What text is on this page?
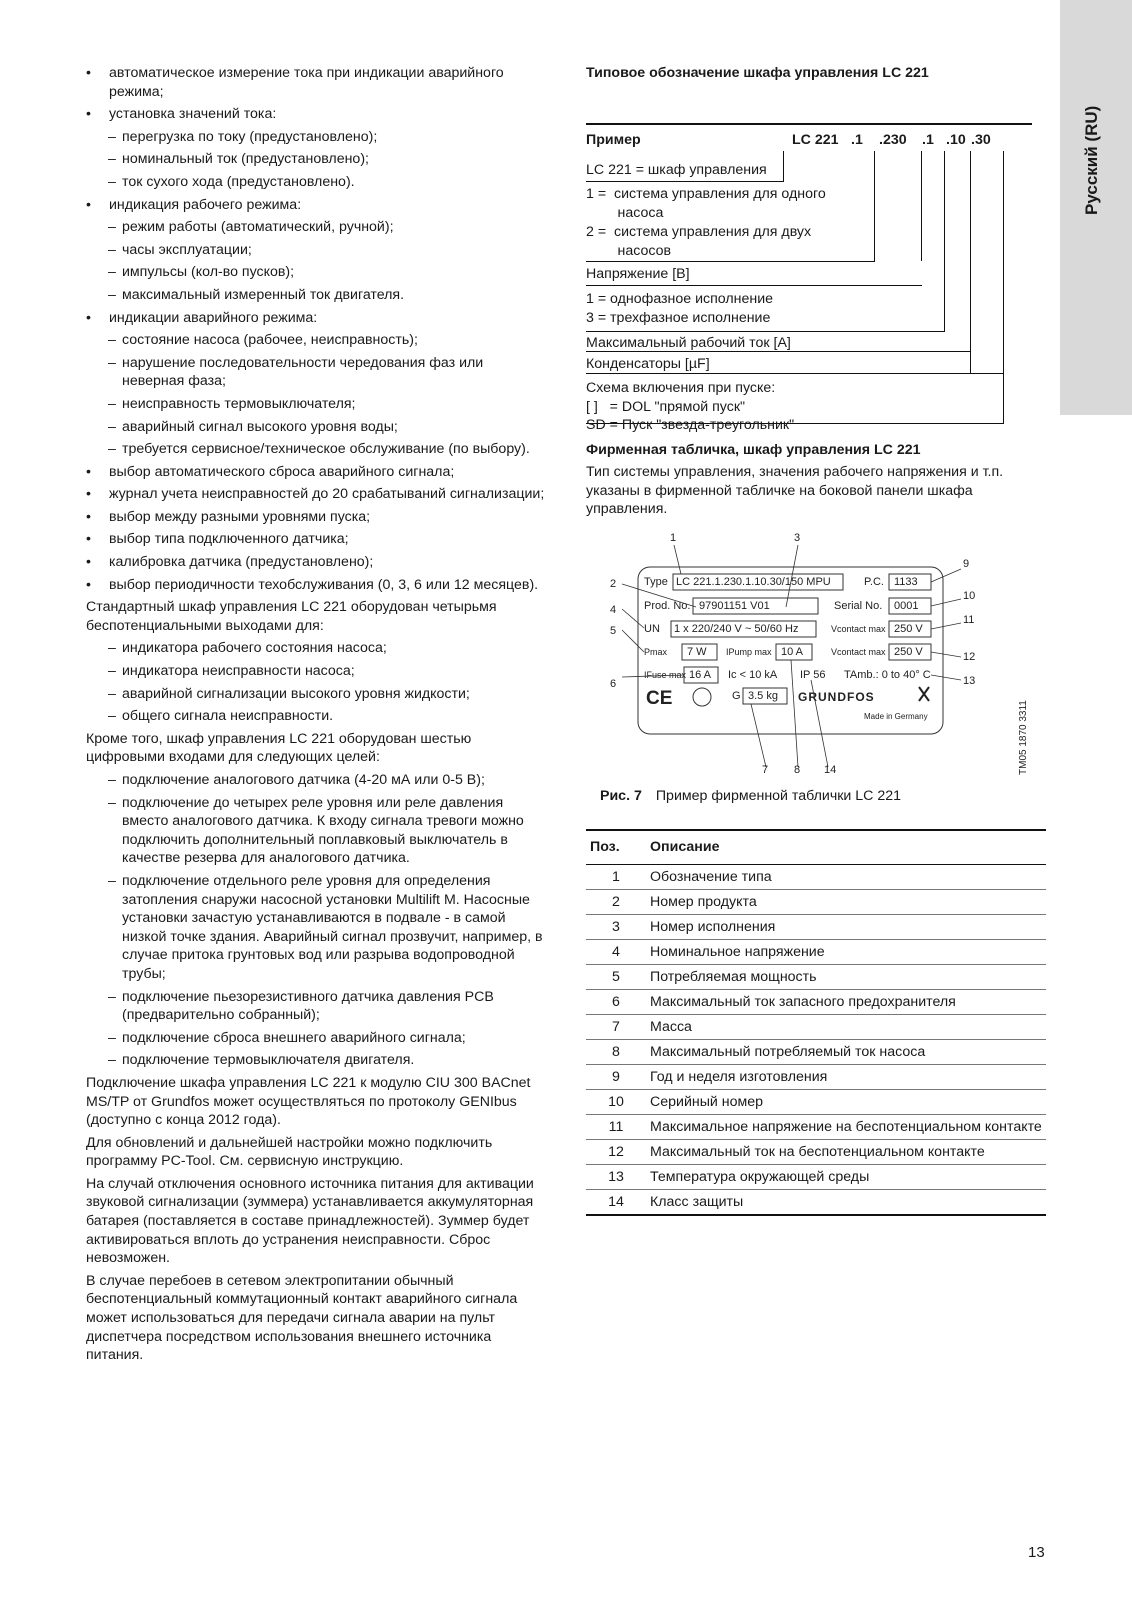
Русский (RU)
• автоматическое измерение тока при индикации аварийного режима;
• установка значений тока:
– перегрузка по току (предустановлено);
– номинальный ток (предустановлено);
– ток сухого хода (предустановлено).
• индикация рабочего режима:
– режим работы (автоматический, ручной);
– часы эксплуатации;
– импульсы (кол-во пусков);
– максимальный измеренный ток двигателя.
• индикации аварийного режима:
– состояние насоса (рабочее, неисправность);
– нарушение последовательности чередования фаз или неверная фаза;
– неисправность термовыключателя;
– аварийный сигнал высокого уровня воды;
– требуется сервисное/техническое обслуживание (по выбору).
• выбор автоматического сброса аварийного сигнала;
• журнал учета неисправностей до 20 срабатываний сигнализации;
• выбор между разными уровнями пуска;
• выбор типа подключенного датчика;
• калибровка датчика (предустановлено);
• выбор периодичности техобслуживания (0, 3, 6 или 12 месяцев).

Стандартный шкаф управления LC 221 оборудован четырьмя беспотенциальными выходами для:

– индикатора рабочего состояния насоса;
– индикатора неисправности насоса;
– аварийной сигнализации высокого уровня жидкости;
– общего сигнала неисправности.

Кроме того, шкаф управления LC 221 оборудован шестью цифровыми входами для следующих целей:

– подключение аналогового датчика (4-20 мА или 0-5 В);
– подключение до четырех реле уровня или реле давления вместо аналогового датчика. К входу сигнала тревоги можно подключить дополнительный поплавковый выключатель в качестве резерва для аналогового датчика.
– подключение отдельного реле уровня для определения затопления снаружи насосной установки Multilift M. Насосные установки зачастую устанавливаются в подвале - в самой низкой точке здания. Аварийный сигнал прозвучит, например, в случае притока грунтовых вод или разрыва водопроводной трубы;
– подключение пьезорезистивного датчика давления PCB (предварительно собранный);
– подключение сброса внешнего аварийного сигнала;
– подключение термовыключателя двигателя.

Подключение шкафа управления LC 221 к модулю CIU 300 BACnet MS/TP от Grundfos может осуществляться по протоколу GENIbus (доступно с конца 2012 года).

Для обновлений и дальнейшей настройки можно подключить программу PC-Tool. См. сервисную инструкцию.

На случай отключения основного источника питания для активации звуковой сигнализации (зуммера) устанавливается аккумуляторная батарея (поставляется в составе принадлежностей). Зуммер будет активироваться вплоть до устранения неисправности. Сброс невозможен.

В случае перебоев в сетевом электропитании обычный беспотенциальный коммутационный контакт аварийного сигнала может использоваться для передачи сигнала аварии на пульт диспетчера посредством использования внешнего источника питания.

Типовое обозначение шкафа управления LC 221
Пример	LC 221 .1 .230 .1 .10 .30
LC 221 = шкаф управления
1 =  система управления для одного
насоса
2 =  система управления для двух
насосов
Напряжение [В]
1 = однофазное исполнение
3 = трехфазное исполнение
Максимальный рабочий ток [А]
Конденсаторы [µF]
Схема включения при пуске:
[ ]   = DOL "прямой пуск"
SD = Пуск "звезда-треугольник"
Фирменная табличка, шкаф управления LC 221

Тип системы управления, значения рабочего напряжения и т.п. указаны в фирменной табличке на боковой панели шкафа управления.

Type LC 221.1.230.1.10.30/150 MPU	P.C. 1133
Prod. No. 97901151 V01	Serial No. 0001
UN 1 x 220/240 V ~ 50/60 Hz	Vcontact max 250 V
Pmax 7 W IPump max 10 A	Vcontact max 250 V
IFuse max 16 A Ic < 10 kA IP 56 TAmb.: 0 to 40° C
CE	G 3.5 kg GRUNDFOS
Made in Germany
1
2
3
4
5
6
7 8 14
9
10
11
12
13
TM05 1870 3311
Рис. 7 Пример фирменной таблички LC 221
Поз.	Описание
1	Обозначение типа
2	Номер продукта
3	Номер исполнения
4	Номинальное напряжение
5	Потребляемая мощность
6	Максимальный ток запасного предохранителя
7	Масса
8	Максимальный потребляемый ток насоса
9	Год и неделя изготовления
10	Серийный номер
11	Максимальное напряжение на беспотенциальном контакте
12	Максимальный ток на беспотенциальном контакте
13	Температура окружающей среды
14	Класс защиты
13
